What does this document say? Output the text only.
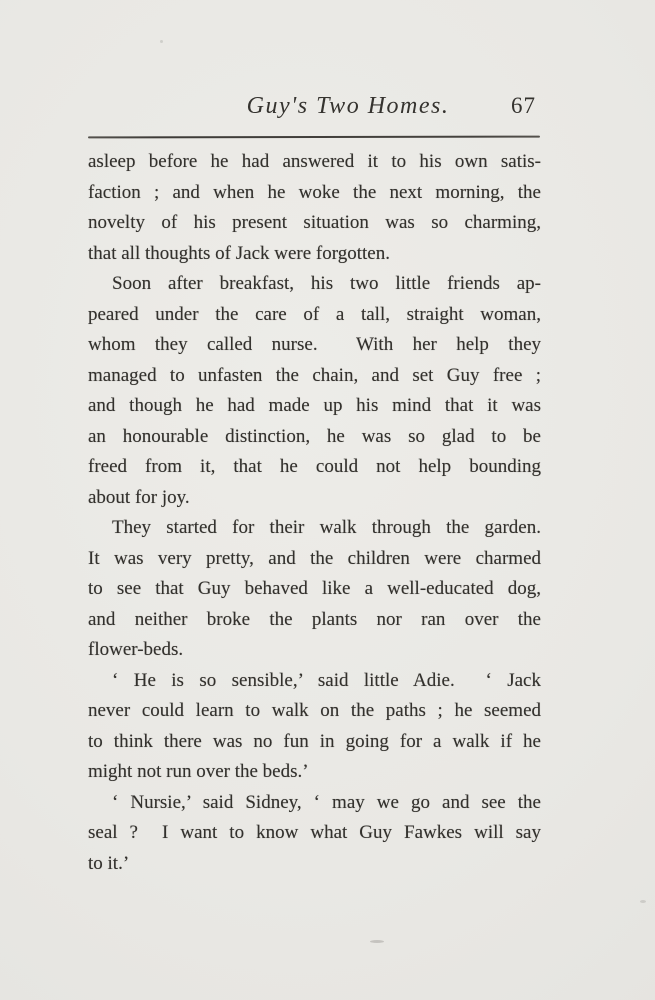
Guy's Two Homes.	67
asleep before he had answered it to his own satis-
faction ; and when he woke the next morning, the
novelty of his present situation was so charming,
that all thoughts of Jack were forgotten.
Soon after breakfast, his two little friends ap-
peared under the care of a tall, straight woman,
whom they called nurse.  With her help they
managed to unfasten the chain, and set Guy free ;
and though he had made up his mind that it was
an honourable distinction, he was so glad to be
freed from it, that he could not help bounding
about for joy.
They started for their walk through the garden.
It was very pretty, and the children were charmed
to see that Guy behaved like a well-educated dog,
and neither broke the plants nor ran over the
flower-beds.
‘ He is so sensible,’ said little Adie.  ‘ Jack
never could learn to walk on the paths ; he seemed
to think there was no fun in going for a walk if he
might not run over the beds.’
‘ Nursie,’ said Sidney, ‘ may we go and see the
seal ?  I want to know what Guy Fawkes will say
to it.’
